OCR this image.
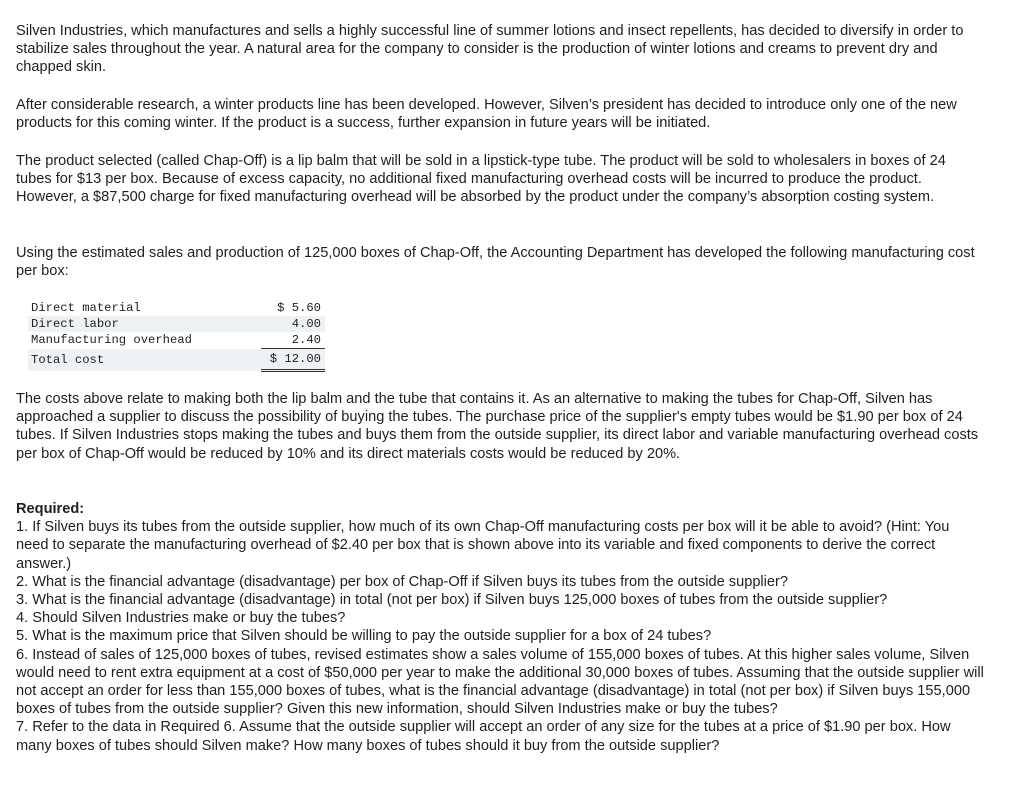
Silven Industries, which manufactures and sells a highly successful line of summer lotions and insect repellents, has decided to diversify in order to stabilize sales throughout the year. A natural area for the company to consider is the production of winter lotions and creams to prevent dry and chapped skin.

After considerable research, a winter products line has been developed. However, Silven’s president has decided to introduce only one of the new products for this coming winter. If the product is a success, further expansion in future years will be initiated.

The product selected (called Chap-Off) is a lip balm that will be sold in a lipstick-type tube. The product will be sold to wholesalers in boxes of 24 tubes for $13 per box. Because of excess capacity, no additional fixed manufacturing overhead costs will be incurred to produce the product. However, a $87,500 charge for fixed manufacturing overhead will be absorbed by the product under the company’s absorption costing system.

Using the estimated sales and production of 125,000 boxes of Chap-Off, the Accounting Department has developed the following manufacturing cost per box:

Direct material	$ 5.60
Direct labor	4.00
Manufacturing overhead	2.40
Total cost	$ 12.00

The costs above relate to making both the lip balm and the tube that contains it. As an alternative to making the tubes for Chap-Off, Silven has approached a supplier to discuss the possibility of buying the tubes. The purchase price of the supplier's empty tubes would be $1.90 per box of 24 tubes. If Silven Industries stops making the tubes and buys them from the outside supplier, its direct labor and variable manufacturing overhead costs per box of Chap-Off would be reduced by 10% and its direct materials costs would be reduced by 20%.

Required:
1. If Silven buys its tubes from the outside supplier, how much of its own Chap-Off manufacturing costs per box will it be able to avoid? (Hint: You need to separate the manufacturing overhead of $2.40 per box that is shown above into its variable and fixed components to derive the correct answer.)
2. What is the financial advantage (disadvantage) per box of Chap-Off if Silven buys its tubes from the outside supplier?
3. What is the financial advantage (disadvantage) in total (not per box) if Silven buys 125,000 boxes of tubes from the outside supplier?
4. Should Silven Industries make or buy the tubes?
5. What is the maximum price that Silven should be willing to pay the outside supplier for a box of 24 tubes?
6. Instead of sales of 125,000 boxes of tubes, revised estimates show a sales volume of 155,000 boxes of tubes. At this higher sales volume, Silven would need to rent extra equipment at a cost of $50,000 per year to make the additional 30,000 boxes of tubes. Assuming that the outside supplier will not accept an order for less than 155,000 boxes of tubes, what is the financial advantage (disadvantage) in total (not per box) if Silven buys 155,000 boxes of tubes from the outside supplier? Given this new information, should Silven Industries make or buy the tubes?
7. Refer to the data in Required 6. Assume that the outside supplier will accept an order of any size for the tubes at a price of $1.90 per box. How many boxes of tubes should Silven make? How many boxes of tubes should it buy from the outside supplier?
